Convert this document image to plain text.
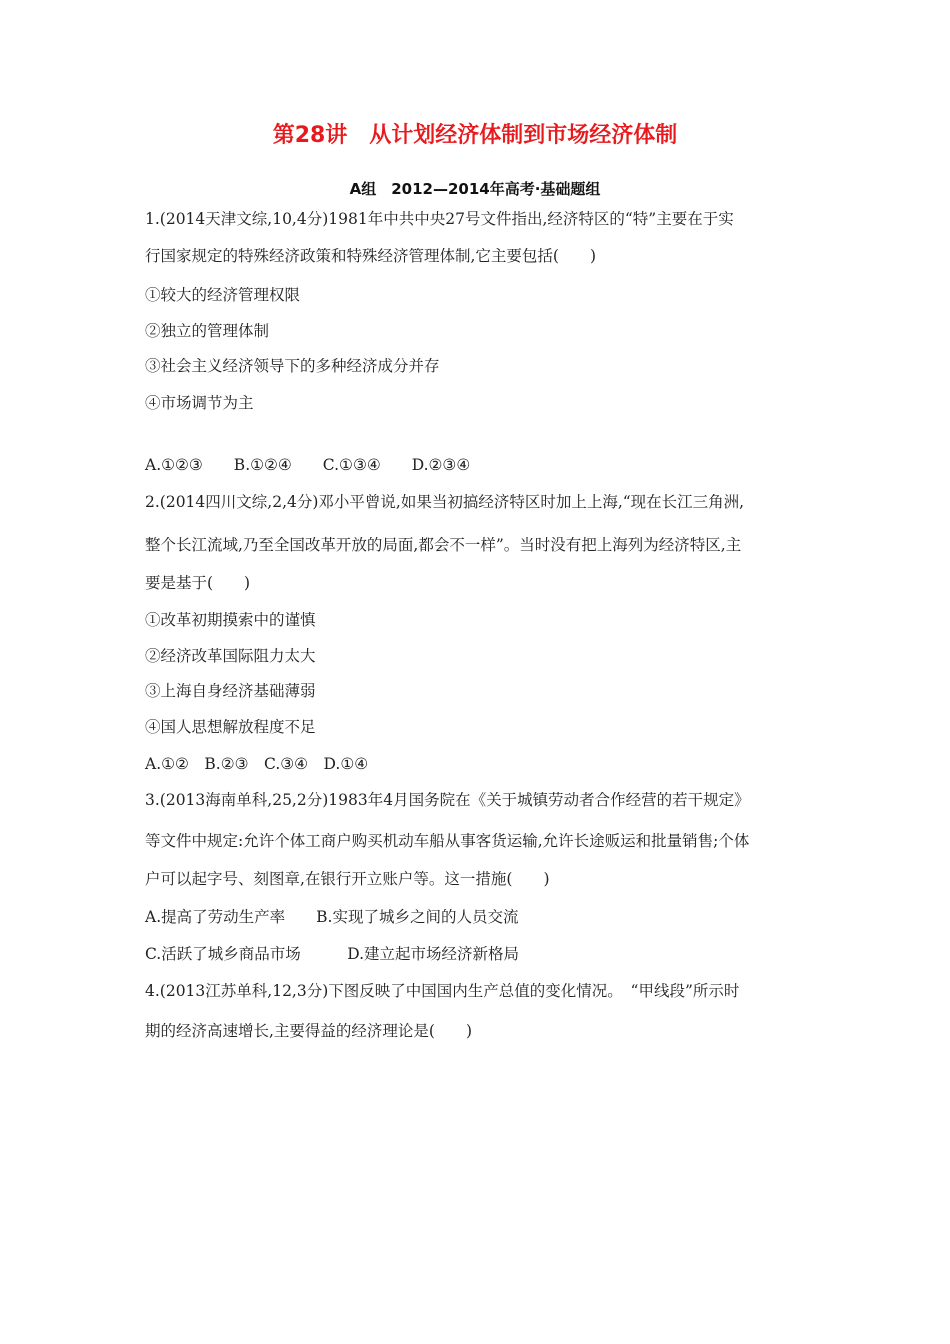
第28讲　从计划经济体制到市场经济体制
A组　2012—2014年高考·基础题组
1.(2014天津文综,10,4分)1981年中共中央27号文件指出,经济特区的“特”主要在于实
行国家规定的特殊经济政策和特殊经济管理体制,它主要包括(　　)
①较大的经济管理权限
②独立的管理体制
③社会主义经济领导下的多种经济成分并存
④市场调节为主
A.①②③　　B.①②④　　C.①③④　　D.②③④
2.(2014四川文综,2,4分)邓小平曾说,如果当初搞经济特区时加上上海,“现在长江三角洲,
整个长江流域,乃至全国改革开放的局面,都会不一样”。当时没有把上海列为经济特区,主
要是基于(　　)
①改革初期摸索中的谨慎
②经济改革国际阻力太大
③上海自身经济基础薄弱
④国人思想解放程度不足
A.①②　B.②③　C.③④　D.①④
3.(2013海南单科,25,2分)1983年4月国务院在《关于城镇劳动者合作经营的若干规定》
等文件中规定:允许个体工商户购买机动车船从事客货运输,允许长途贩运和批量销售;个体
户可以起字号、刻图章,在银行开立账户等。这一措施(　　)
A.提高了劳动生产率　　B.实现了城乡之间的人员交流
C.活跃了城乡商品市场　　　D.建立起市场经济新格局
4.(2013江苏单科,12,3分)下图反映了中国国内生产总值的变化情况。　“甲线段”所示时
期的经济高速增长,主要得益的经济理论是(　　)
